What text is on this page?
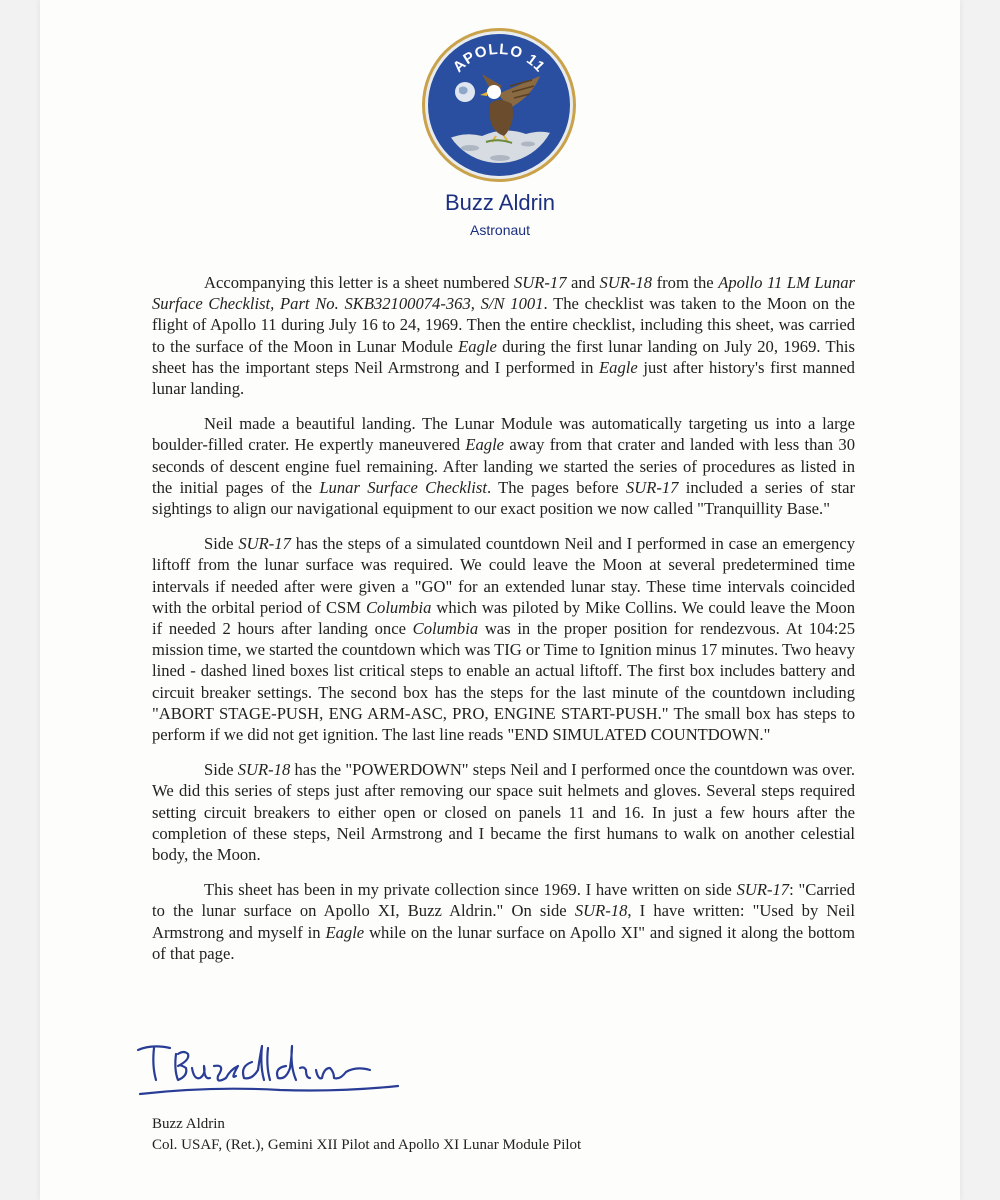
APOLLO 11
Buzz Aldrin
Astronaut

Accompanying this letter is a sheet numbered SUR-17 and SUR-18 from the Apollo 11 LM Lunar Surface Checklist, Part No. SKB32100074-363, S/N 1001. The checklist was taken to the Moon on the flight of Apollo 11 during July 16 to 24, 1969. Then the entire checklist, including this sheet, was carried to the surface of the Moon in Lunar Module Eagle during the first lunar landing on July 20, 1969. This sheet has the important steps Neil Armstrong and I performed in Eagle just after history's first manned lunar landing.

Neil made a beautiful landing. The Lunar Module was automatically targeting us into a large boulder-filled crater. He expertly maneuvered Eagle away from that crater and landed with less than 30 seconds of descent engine fuel remaining. After landing we started the series of procedures as listed in the initial pages of the Lunar Surface Checklist. The pages before SUR-17 included a series of star sightings to align our navigational equipment to our exact position we now called "Tranquillity Base."

Side SUR-17 has the steps of a simulated countdown Neil and I performed in case an emergency liftoff from the lunar surface was required. We could leave the Moon at several predetermined time intervals if needed after were given a "GO" for an extended lunar stay. These time intervals coincided with the orbital period of CSM Columbia which was piloted by Mike Collins. We could leave the Moon if needed 2 hours after landing once Columbia was in the proper position for rendezvous. At 104:25 mission time, we started the countdown which was TIG or Time to Ignition minus 17 minutes. Two heavy lined - dashed lined boxes list critical steps to enable an actual liftoff. The first box includes battery and circuit breaker settings. The second box has the steps for the last minute of the countdown including "ABORT STAGE-PUSH, ENG ARM-ASC, PRO, ENGINE START-PUSH." The small box has steps to perform if we did not get ignition. The last line reads "END SIMULATED COUNTDOWN."

Side SUR-18 has the "POWERDOWN" steps Neil and I performed once the countdown was over. We did this series of steps just after removing our space suit helmets and gloves. Several steps required setting circuit breakers to either open or closed on panels 11 and 16. In just a few hours after the completion of these steps, Neil Armstrong and I became the first humans to walk on another celestial body, the Moon.

This sheet has been in my private collection since 1969. I have written on side SUR-17: "Carried to the lunar surface on Apollo XI, Buzz Aldrin." On side SUR-18, I have written: "Used by Neil Armstrong and myself in Eagle while on the lunar surface on Apollo XI" and signed it along the bottom of that page.

Buzz Aldrin
Col. USAF, (Ret.), Gemini XII Pilot and Apollo XI Lunar Module Pilot
